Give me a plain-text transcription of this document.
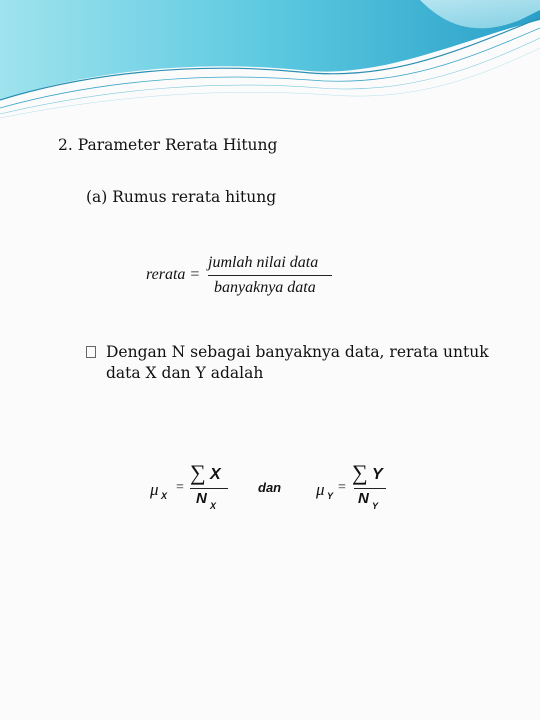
2. Parameter Rerata Hitung
(a) Rumus rerata hitung
rerata =
jumlah nilai data
banyaknya data
Dengan N sebagai banyaknya data, rerata untuk data X dan Y adalah
μ X
=
∑ X
N X
dan μ Y
=
∑ Y
N Y
